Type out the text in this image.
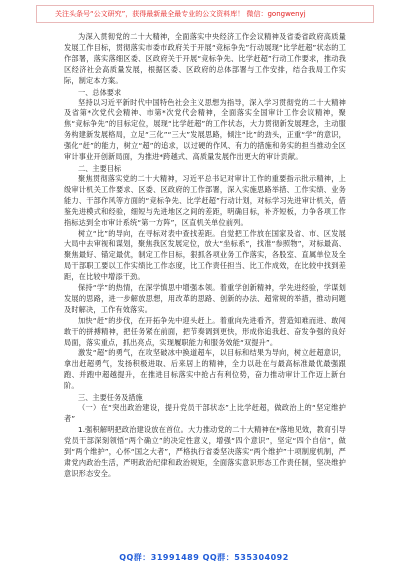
关注头条号“公文研究”，获得最新最全最专业的公文资料库！ 微信：gongwenyj

为深入贯彻党的二十大精神，全面落实中央经济工作会议精神及省委省政府高质量发展工作目标，贯彻落实市委市政府关于开展“竞标争先”行动展现“比学赶超”状态的工作部署，落实落细区委、区政府关于开展“竞标争先、比学赶超”行动工作要求，推动我区经济社会高质量发展，根据区委、区政府的总体部署与工作安排，结合我局工作实际，制定本方案。

一、总体要求

坚持以习近平新时代中国特色社会主义思想为指导，深入学习贯彻党的二十大精神及省第*次党代会精神、市第*次党代会精神，全面落实全国审计工作会议精神，聚焦“竞标争先”的目标定位，展现“比学赶超”的工作状态，大力贯彻新发展理念，主动服务构建新发展格局，立足“三化”“三大”发展思路，倾注“比”的劲头，正重“学”的意识，强化“赶”的能力，树立“超”的追求，以过硬的作风、有力的措施和务实的担当推动全区审计事业开创新局面，为推进*跨越式、高质量发展作出更大的审计贡献。

二、主要目标

聚焦贯彻落实党的二十大精神，习近平总书记对审计工作的重要指示批示精神，上级审计机关工作要求、区委、区政府的工作部署，深入实施思路举措、工作实绩、业务能力、干部作风等方面的“竞标争先、比学赶超”行动计划，对标学习先进审计机关，借鉴先进模式和经验，细短与先进地区之间的差距，明确目标，补齐短板，力争各项工作指标达到全市审计系统“第一方阵”，区直机关单位前列。

树立“比”的导向，在寻标对表中查找差距。自觉把工作放在国家及省、市、区发展大局中去审视和谋划，聚焦我区发展定位，放大“坐标系”，找准“参照物”，对标最高、聚焦最好、锚定最优，制定工作目标，狠抓各项业务工作落实，各股室、直属单位及全局干部职工要以工作实绩比工作态度，比工作责任担当、比工作成效，在比较中找到差距，在比较中增添干劲。

保持“学”的热情，在深学慎思中增强本领。着重学创新精神，学先进经验，学谋划发展的思路，进一步解放思想，用改革的思路、创新的办法、超常规的举措，推动问题及时解决，工作有效落实。

加快“赶”的步伐，在开拓争先中迎头赶上。着重向先进看齐，营造知难而进、敢闯敢干的拼搏精神，把任务紧在前面，把节奏调到更快，形成你追我赶、奋发争强的良好局面，落实重点，抓出亮点，实现履职能力和服务效能“双提升”。

激发“超”的勇气，在攻坚破冰中换道超车，以目标和结果为导向，树立赶超意识，拿出赶超勇气，发扬积极进取、后来居上的精神，全力以赴在与最高标准最优最强跟跑、并跑中超越提升，在推进目标落实中抢占有利位势，奋力推动审计工作迈上新台阶。

三、主要任务及措施

（一）在“突出政治建设，提升党员干部状态”上比学赶超，做政治上的“坚定维护者”

1.强积解明把政治建设放在首位。大力推动党的二十大精神在*落地见效，教育引导党员干部深刻领悟“两个确立”的决定性意义，增强“四个意识”，坚定“四个自信”，做到“两个维护”，心怀“国之大者”，严格执行省委坚决落实“两个维护”十项制度机制，严肃党内政治生活，严明政治纪律和政治规矩，全面落实意识形态工作责任制，坚决维护意识形态安全。

QQ群：31991489 QQ群：535304092
